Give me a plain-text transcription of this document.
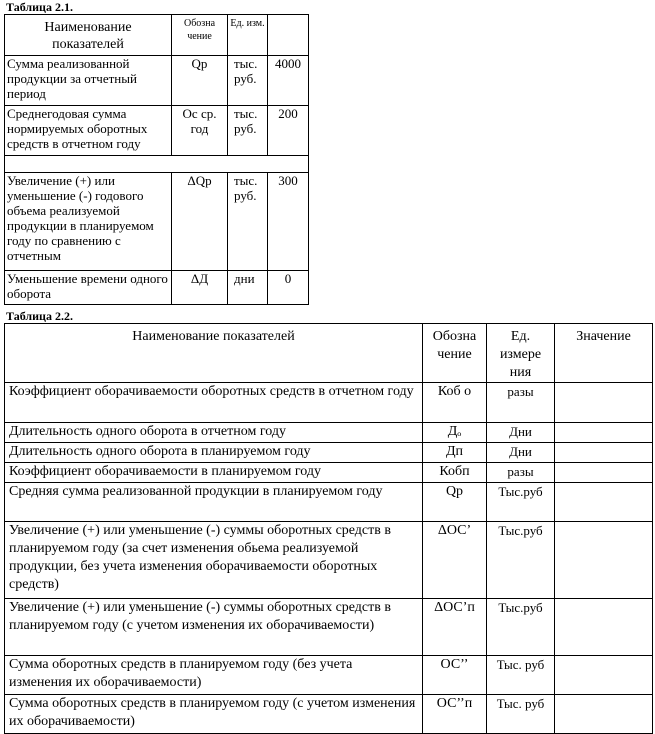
Таблица 2.1.
Наименование показателей	Обозна чение	Ед. изм.	
Сумма реализованной продукции за отчетный период	Qр	тыс. руб.	4000
Среднегодовая сумма нормируемых оборотных средств в отчетном году	Ос ср. год	тыс. руб.	200

Увеличение (+) или уменьшение (-) годового объема реализуемой продукции в планируемом году по сравнению с отчетным	ΔQр	тыс. руб.	300
Уменьшение времени одного оборота	ΔД	дни	0
Таблица 2.2.
Наименование показателей	Обозна чение	Ед. измере ния	Значение
Коэффициент оборачиваемости оборотных средств в отчетном году	Коб о	разы	
Длительность одного оборота в отчетном году	Дₒ	Дни	
Длительность одного оборота в планируемом году	Дп	Дни	
Коэффициент оборачиваемости в планируемом году	Кобп	разы	
Средняя сумма реализованной продукции в планируемом году	Qр	Тыс.руб	
Увеличение (+) или уменьшение (-) суммы оборотных средств в планируемом году (за счет изменения обьема реализуемой продукции, без учета изменения оборачиваемости оборотных средств)	ΔОС’	Тыс.руб	
Увеличение (+) или уменьшение (-) суммы оборотных средств в планируемом году (с учетом изменения их оборачиваемости)	ΔОС’п	Тыс.руб	
Сумма оборотных средств в планируемом году (без учета изменения их оборачиваемости)	ОС’’	Тыс. руб	
Сумма оборотных средств в планируемом году (с учетом изменения их оборачиваемости)	ОС’’п	Тыс. руб	
